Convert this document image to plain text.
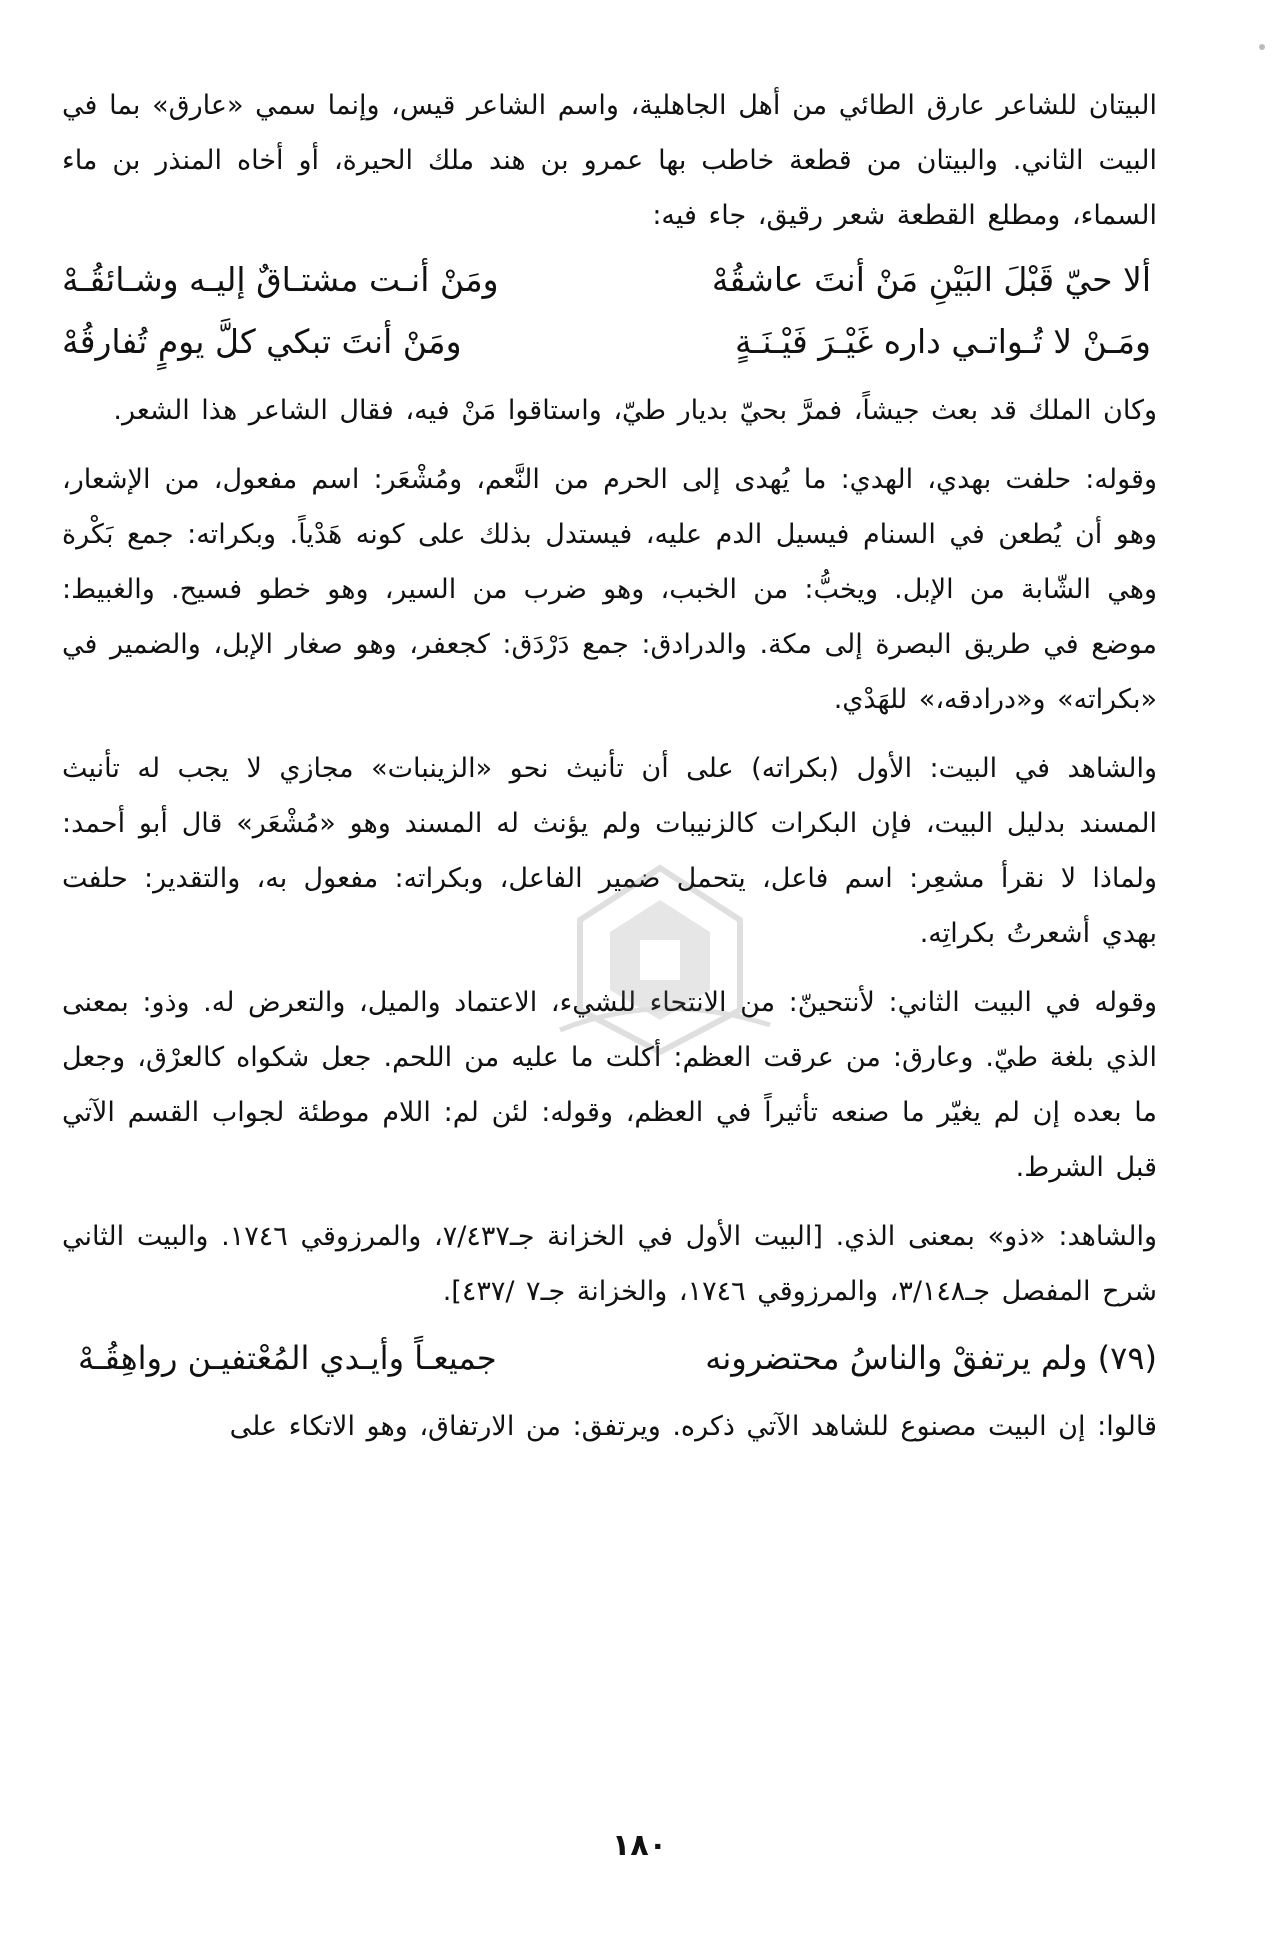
البيتان للشاعر عارق الطائي من أهل الجاهلية، واسم الشاعر قيس، وإنما سمي «عارق» بما في البيت الثاني. والبيتان من قطعة خاطب بها عمرو بن هند ملك الحيرة، أو أخاه المنذر بن ماء السماء، ومطلع القطعة شعر رقيق، جاء فيه:

ألا حيّ قَبْلَ البَيْنِ مَنْ أنتَ عاشقُهْ
ومَنْ أنـت مشتـاقٌ إليـه وشـائقُـهْ
ومَـنْ لا تُـواتـي داره غَيْـرَ فَيْـنَـةٍ
ومَنْ أنتَ تبكي كلَّ يومٍ تُفارقُهْ

وكان الملك قد بعث جيشاً، فمرَّ بحيّ بديار طيّ، واستاقوا مَنْ فيه، فقال الشاعر هذا الشعر.

وقوله: حلفت بهدي، الهدي: ما يُهدى إلى الحرم من النَّعم، ومُشْعَر: اسم مفعول، من الإشعار، وهو أن يُطعن في السنام فيسيل الدم عليه، فيستدل بذلك على كونه هَدْياً. وبكراته: جمع بَكْرة وهي الشّابة من الإبل. ويخبُّ: من الخبب، وهو ضرب من السير، وهو خطو فسيح. والغبيط: موضع في طريق البصرة إلى مكة. والدرادق: جمع دَرْدَق: كجعفر، وهو صغار الإبل، والضمير في «بكراته» و«درادقه،» للهَدْي.

والشاهد في البيت: الأول (بكراته) على أن تأنيث نحو «الزينبات» مجازي لا يجب له تأنيث المسند بدليل البيت، فإن البكرات كالزنيبات ولم يؤنث له المسند وهو «مُشْعَر» قال أبو أحمد: ولماذا لا نقرأ مشعِر: اسم فاعل، يتحمل ضمير الفاعل، وبكراته: مفعول به، والتقدير: حلفت بهدي أشعرتُ بكراتِه.

وقوله في البيت الثاني: لأنتحينّ: من الانتحاء للشيء، الاعتماد والميل، والتعرض له. وذو: بمعنى الذي بلغة طيّ. وعارق: من عرقت العظم: أكلت ما عليه من اللحم. جعل شكواه كالعرْق، وجعل ما بعده إن لم يغيّر ما صنعه تأثيراً في العظم، وقوله: لئن لم: اللام موطئة لجواب القسم الآتي قبل الشرط.

والشاهد: «ذو» بمعنى الذي. [البيت الأول في الخزانة جـ٧/٤٣٧، والمرزوقي ١٧٤٦. والبيت الثاني شرح المفصل جـ٣/١٤٨، والمرزوقي ١٧٤٦، والخزانة جـ٧ /٤٣٧].

(٧٩) ولم يرتفقْ والناسُ محتضرونه
جميعـاً وأيـدي المُعْتفيـن رواهِقُـهْ

قالوا: إن البيت مصنوع للشاهد الآتي ذكره. ويرتفق: من الارتفاق، وهو الاتكاء على

١٨٠
